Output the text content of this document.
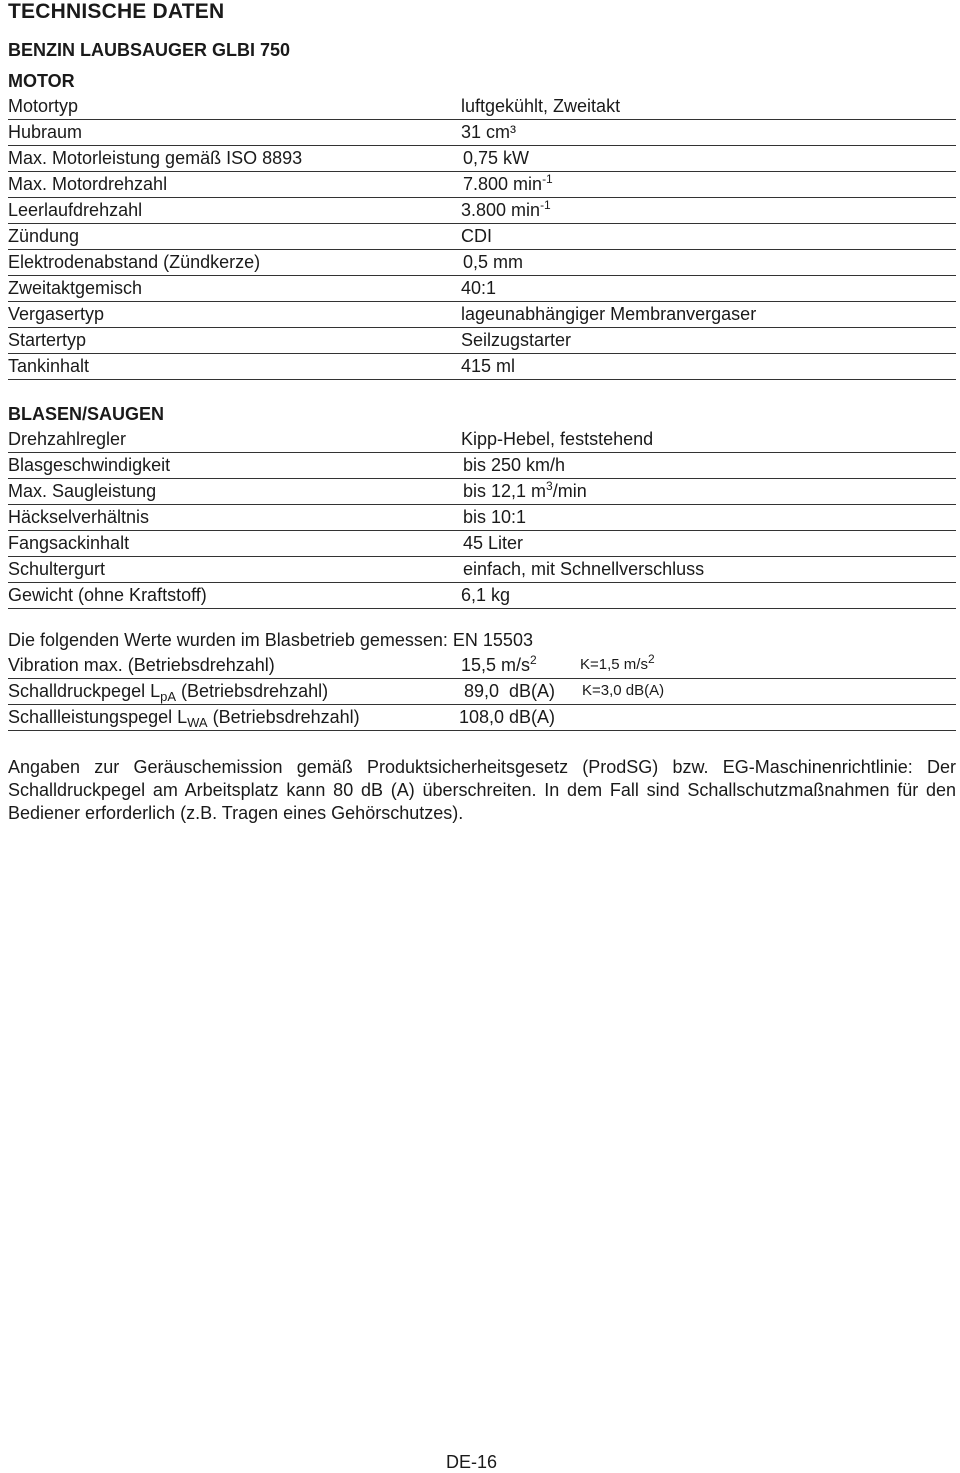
TECHNISCHE DATEN
BENZIN LAUBSAUGER GLBI 750
MOTOR
Motortyp	luftgekühlt, Zweitakt
Hubraum	31 cm³
Max. Motorleistung gemäß ISO 8893	0,75 kW
Max. Motordrehzahl	7.800 $\min^{-1}$
Leerlaufdrehzahl	3.800 $\min^{-1}$
Zündung	CDI
Elektrodenabstand (Zündkerze)	0,5 mm
Zweitaktgemisch	40:1
Vergasertyp	lageunabhängiger Membranvergaser
Startertyp	Seilzugstarter
Tankinhalt	415 ml
BLASEN/SAUGEN
Drehzahlregler	Kipp-Hebel, feststehend
Blasgeschwindigkeit	bis 250 km/h
Max. Saugleistung	bis 12,1 $m^3/\min$
Häckselverhältnis	bis 10:1
Fangsackinhalt	45 Liter
Schultergurt	einfach, mit Schnellverschluss
Gewicht (ohne Kraftstoff)	6,1 kg
Die folgenden Werte wurden im Blasbetrieb gemessen: EN 15503
Vibration max. (Betriebsdrehzahl)	15,5 $m/s^2$	K=1,5 $m/s^2$
Schalldruckpegel $L_{pA}$ (Betriebsdrehzahl)	89,0  dB(A) K=3,0 dB(A)
Schallleistungspegel $L_{WA}$ (Betriebsdrehzahl)	108,0 dB(A)
Angaben zur Geräuschemission gemäß Produktsicherheitsgesetz (ProdSG) bzw. EG-Maschinenrichtlinie: Der Schalldruckpegel am Arbeitsplatz kann 80 dB (A) überschreiten. In dem Fall sind Schallschutzmaßnahmen für den Bediener erforderlich (z.B. Tragen eines Gehörschutzes).
DE-16
